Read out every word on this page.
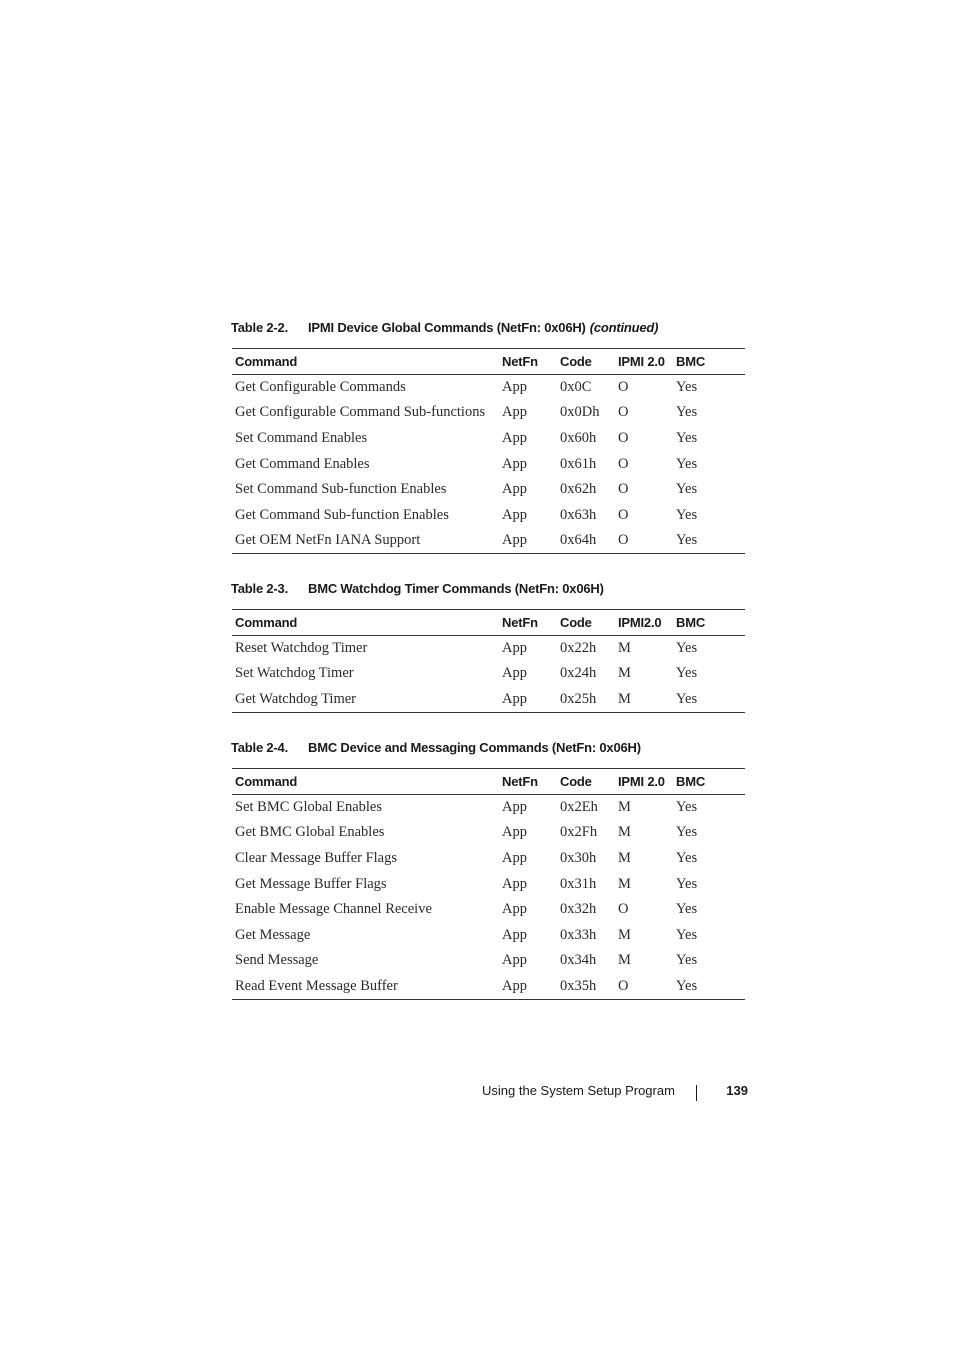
Table 2-2. IPMI Device Global Commands (NetFn: 0x06H) (continued)
Command	NetFn	Code	IPMI 2.0	BMC
Get Configurable Commands	App	0x0C	O	Yes
Get Configurable Command Sub-functions	App	0x0Dh	O	Yes
Set Command Enables	App	0x60h	O	Yes
Get Command Enables	App	0x61h	O	Yes
Set Command Sub-function Enables	App	0x62h	O	Yes
Get Command Sub-function Enables	App	0x63h	O	Yes
Get OEM NetFn IANA Support	App	0x64h	O	Yes
Table 2-3. BMC Watchdog Timer Commands (NetFn: 0x06H)
Command	NetFn	Code	IPMI2.0	BMC
Reset Watchdog Timer	App	0x22h	M	Yes
Set Watchdog Timer	App	0x24h	M	Yes
Get Watchdog Timer	App	0x25h	M	Yes
Table 2-4. BMC Device and Messaging Commands (NetFn: 0x06H)
Command	NetFn	Code	IPMI 2.0	BMC
Set BMC Global Enables	App	0x2Eh	M	Yes
Get BMC Global Enables	App	0x2Fh	M	Yes
Clear Message Buffer Flags	App	0x30h	M	Yes
Get Message Buffer Flags	App	0x31h	M	Yes
Enable Message Channel Receive	App	0x32h	O	Yes
Get Message	App	0x33h	M	Yes
Send Message	App	0x34h	M	Yes
Read Event Message Buffer	App	0x35h	O	Yes
Using the System Setup Program	139
